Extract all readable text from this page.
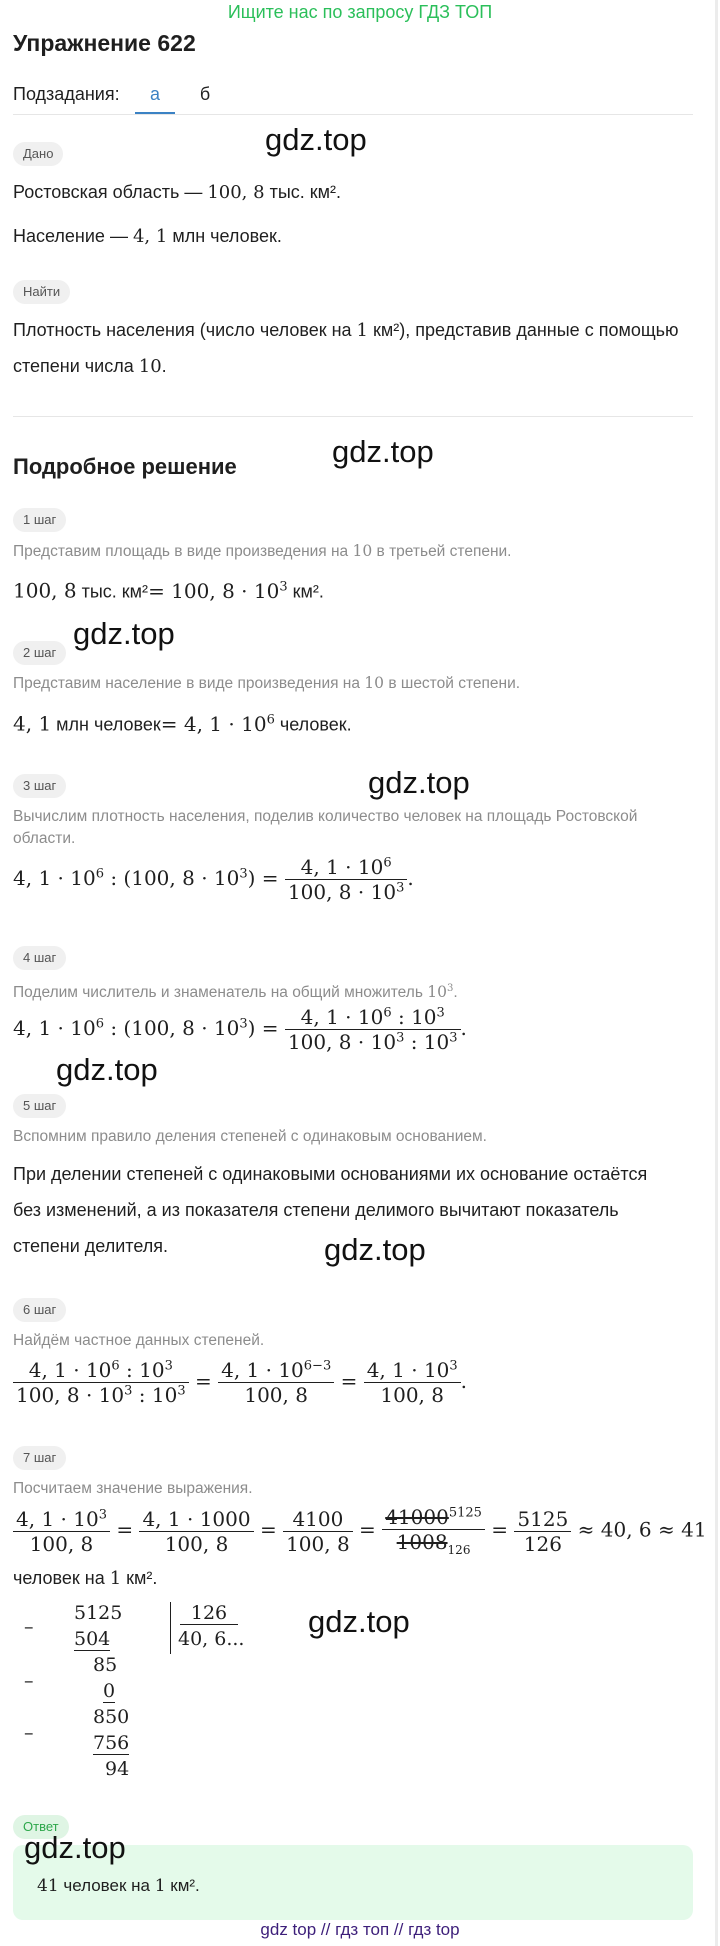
Ищите нас по запросу ГДЗ ТОП
Упражнение 622
Подзадания:	а	б
Дано
Ростовская область — 100, 8 тыс. км².
Население — 4, 1 млн человек.
Найти
Плотность населения (число человек на 1 км²), представив данные с помощью
степени числа 10.
Подробное решение
1 шаг
Представим площадь в виде произведения на 10 в третьей степени.
100, 8 тыс. км²= 100, $8 \cdot 10^3$ км².
2 шаг
Представим население в виде произведения на 10 в шестой степени.
4, 1 млн человек= 4, $1 \cdot 10^6$ человек.
3 шаг
Вычислим плотность населения, поделив количество человек на площадь Ростовской области.
4, $1 \cdot 10^6$ : (100, $8 \cdot 10^3) = \frac{4, 1 \cdot 10^6}{100, 8 \cdot 10^3}$ .
4 шаг
Поделим числитель и знаменатель на общий множитель $10^3$.
4, $1 \cdot 10^6$ : (100, $8 \cdot 10^3) = \frac{4, 1 \cdot 10^6 : 10^3}{100, 8 \cdot 10^3 : 10^3}$ .
5 шаг
Вспомним правило деления степеней с одинаковым основанием.
При делении степеней с одинаковыми основаниями их основание остаётся
без изменений, а из показателя степени делимого вычитают показатель
степени делителя.
6 шаг
Найдём частное данных степеней.
$\frac{4, 1 \cdot 10^6 : 10^3}{100, 8 \cdot 10^3 : 10^3} = \frac{4, 1 \cdot 10^{6-3}}{100, 8} = \frac{4, 1 \cdot 10^3}{100, 8}$ .
7 шаг
Посчитаем значение выражения.
$\frac{4, 1 \cdot 10^3}{100, 8} = \frac{4, 1 \cdot 1000}{100, 8} = \frac{4100}{100, 8} = \frac{41000^{5125}}{1008_{126}} = \frac{5125}{126} \approx 40$, 6 ≈ 41
человек на 1 км².
–
5125
504
126
40, 6...
–
85
0
–
850
756
94
Ответ
41 человек на 1 км².
gdz.top
gdz.top
gdz.top
gdz.top
gdz.top
gdz.top
gdz.top
gdz.top
gdz top // гдз топ // гдз top
